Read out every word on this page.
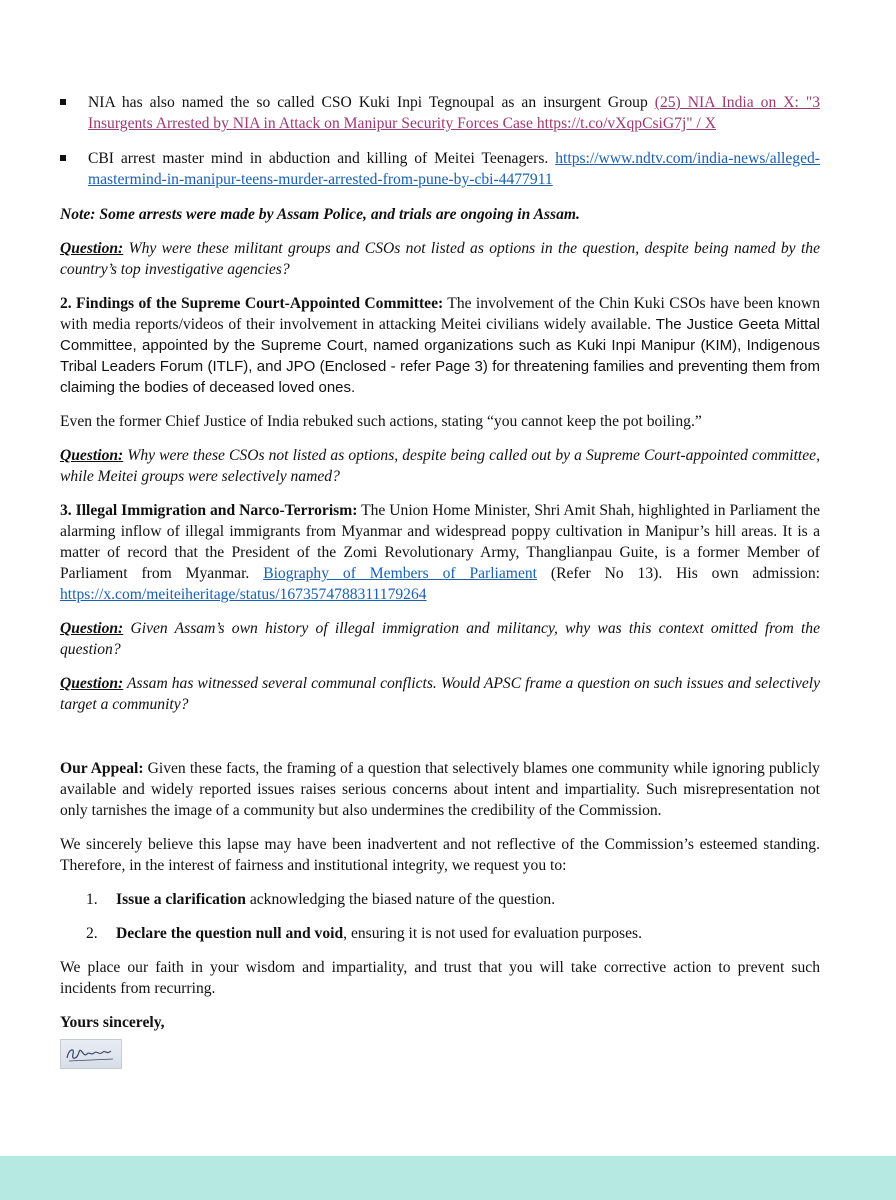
NIA has also named the so called CSO Kuki Inpi Tegnoupal as an insurgent Group (25) NIA India on X: "3 Insurgents Arrested by NIA in Attack on Manipur Security Forces Case https://t.co/vXqpCsiG7j" / X
CBI arrest master mind in abduction and killing of Meitei Teenagers. https://www.ndtv.com/india-news/alleged-mastermind-in-manipur-teens-murder-arrested-from-pune-by-cbi-4477911

Note: Some arrests were made by Assam Police, and trials are ongoing in Assam.

Question: Why were these militant groups and CSOs not listed as options in the question, despite being named by the country’s top investigative agencies?

2. Findings of the Supreme Court-Appointed Committee: The involvement of the Chin Kuki CSOs have been known with media reports/videos of their involvement in attacking Meitei civilians widely available. The Justice Geeta Mittal Committee, appointed by the Supreme Court, named organizations such as Kuki Inpi Manipur (KIM), Indigenous Tribal Leaders Forum (ITLF), and JPO (Enclosed - refer Page 3) for threatening families and preventing them from claiming the bodies of deceased loved ones.

Even the former Chief Justice of India rebuked such actions, stating “you cannot keep the pot boiling.”

Question: Why were these CSOs not listed as options, despite being called out by a Supreme Court-appointed committee, while Meitei groups were selectively named?

3. Illegal Immigration and Narco-Terrorism: The Union Home Minister, Shri Amit Shah, highlighted in Parliament the alarming inflow of illegal immigrants from Myanmar and widespread poppy cultivation in Manipur’s hill areas. It is a matter of record that the President of the Zomi Revolutionary Army, Thanglianpau Guite, is a former Member of Parliament from Myanmar. Biography of Members of Parliament (Refer No 13). His own admission: https://x.com/meiteiheritage/status/1673574788311179264

Question: Given Assam’s own history of illegal immigration and militancy, why was this context omitted from the question?

Question: Assam has witnessed several communal conflicts. Would APSC frame a question on such issues and selectively target a community?

Our Appeal: Given these facts, the framing of a question that selectively blames one community while ignoring publicly available and widely reported issues raises serious concerns about intent and impartiality. Such misrepresentation not only tarnishes the image of a community but also undermines the credibility of the Commission.

We sincerely believe this lapse may have been inadvertent and not reflective of the Commission’s esteemed standing. Therefore, in the interest of fairness and institutional integrity, we request you to:

1. Issue a clarification acknowledging the biased nature of the question.
2. Declare the question null and void, ensuring it is not used for evaluation purposes.

We place our faith in your wisdom and impartiality, and trust that you will take corrective action to prevent such incidents from recurring.

Yours sincerely,
